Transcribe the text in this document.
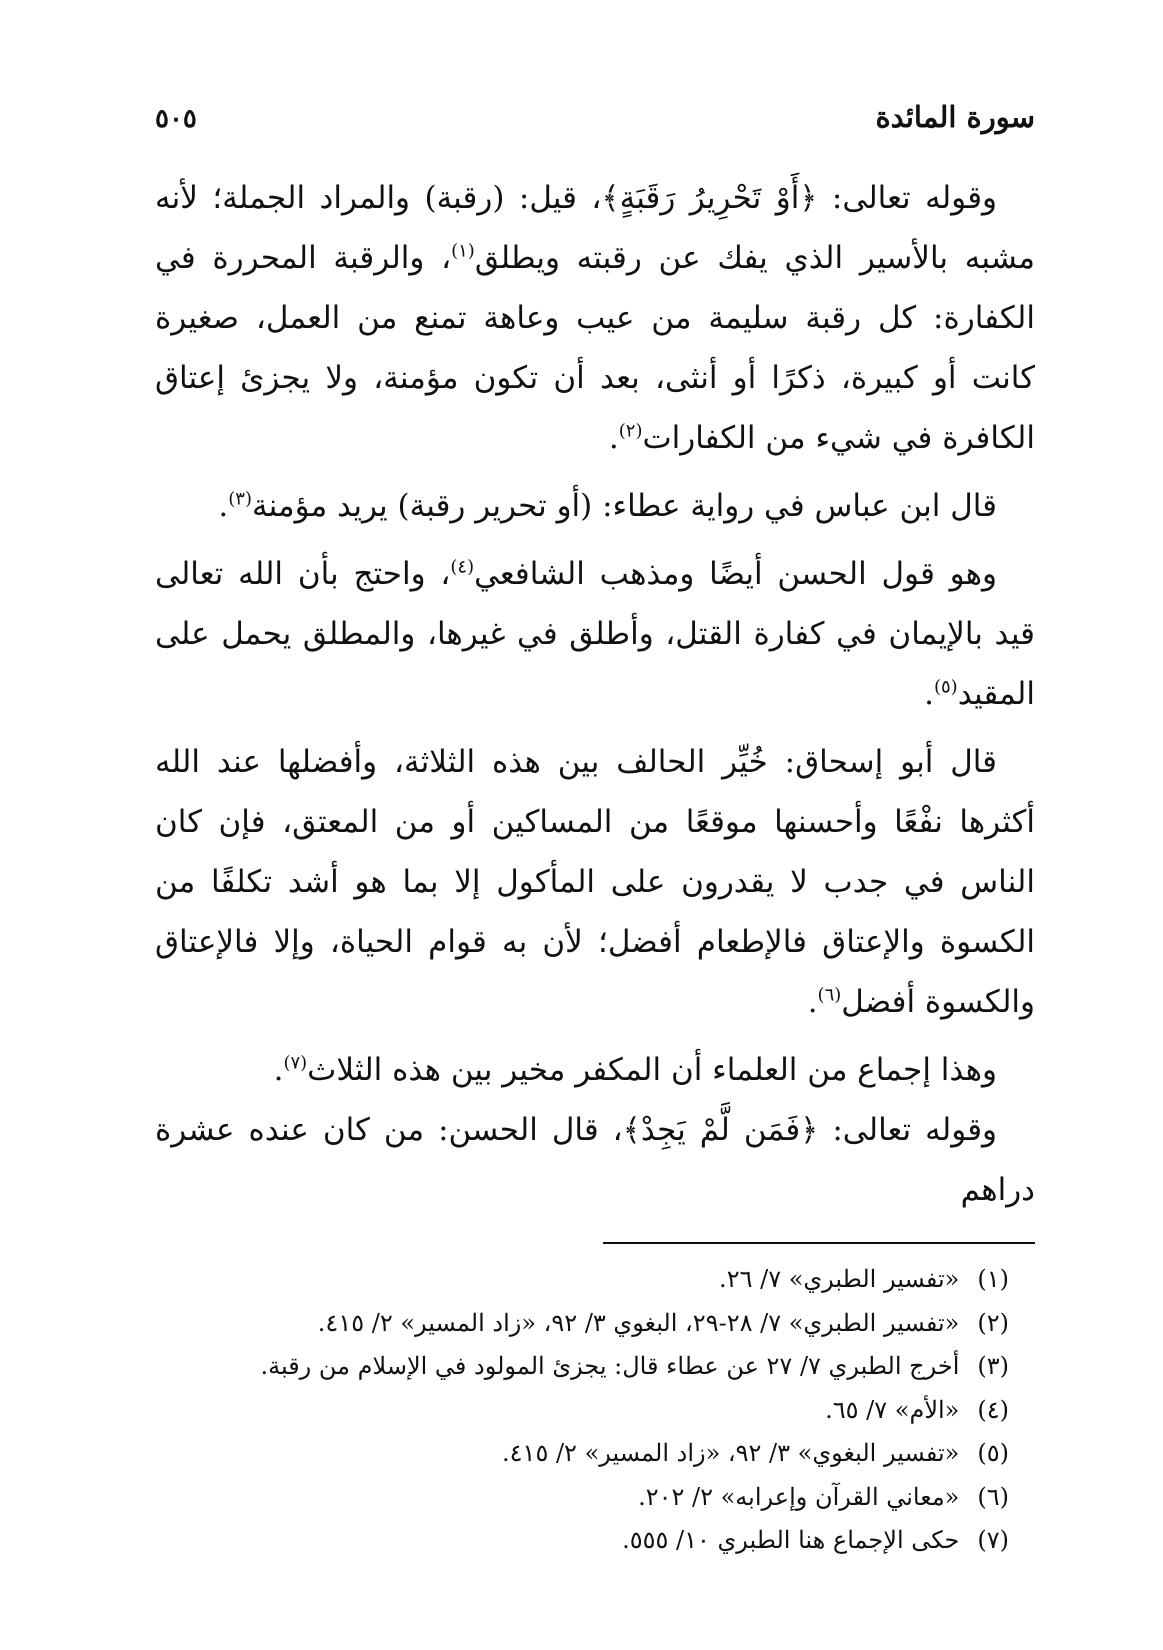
سورة المائدة
٥٠٥

وقوله تعالى: ﴿أَوْ تَحْرِيرُ رَقَبَةٍ﴾، قيل: (رقبة) والمراد الجملة؛ لأنه مشبه بالأسير الذي يفك عن رقبته ويطلق$^{(١)}$، والرقبة المحررة في الكفارة: كل رقبة سليمة من عيب وعاهة تمنع من العمل، صغيرة كانت أو كبيرة، ذكرًا أو أنثى، بعد أن تكون مؤمنة، ولا يجزئ إعتاق الكافرة في شيء من الكفارات$^{(٢)}$.

قال ابن عباس في رواية عطاء: (أو تحرير رقبة) يريد مؤمنة$^{(٣)}$.

وهو قول الحسن أيضًا ومذهب الشافعي$^{(٤)}$، واحتج بأن الله تعالى قيد بالإيمان في كفارة القتل، وأطلق في غيرها، والمطلق يحمل على المقيد$^{(٥)}$.

قال أبو إسحاق: خُيِّر الحالف بين هذه الثلاثة، وأفضلها عند الله أكثرها نفْعًا وأحسنها موقعًا من المساكين أو من المعتق، فإن كان الناس في جدب لا يقدرون على المأكول إلا بما هو أشد تكلفًا من الكسوة والإعتاق فالإطعام أفضل؛ لأن به قوام الحياة، وإلا فالإعتاق والكسوة أفضل$^{(٦)}$.

وهذا إجماع من العلماء أن المكفر مخير بين هذه الثلاث$^{(٧)}$.

وقوله تعالى: ﴿فَمَن لَّمْ يَجِدْ﴾، قال الحسن: من كان عنده عشرة دراهم

(١) «تفسير الطبري» ٧/ ٢٦.
(٢) «تفسير الطبري» ٧/ ٢٨-٢٩، البغوي ٣/ ٩٢، «زاد المسير» ٢/ ٤١٥.
(٣) أخرج الطبري ٧/ ٢٧ عن عطاء قال: يجزئ المولود في الإسلام من رقبة.
(٤) «الأم» ٧/ ٦٥.
(٥) «تفسير البغوي» ٣/ ٩٢، «زاد المسير» ٢/ ٤١٥.
(٦) «معاني القرآن وإعرابه» ٢/ ٢٠٢.
(٧) حكى الإجماع هنا الطبري ١٠/ ٥٥٥.
